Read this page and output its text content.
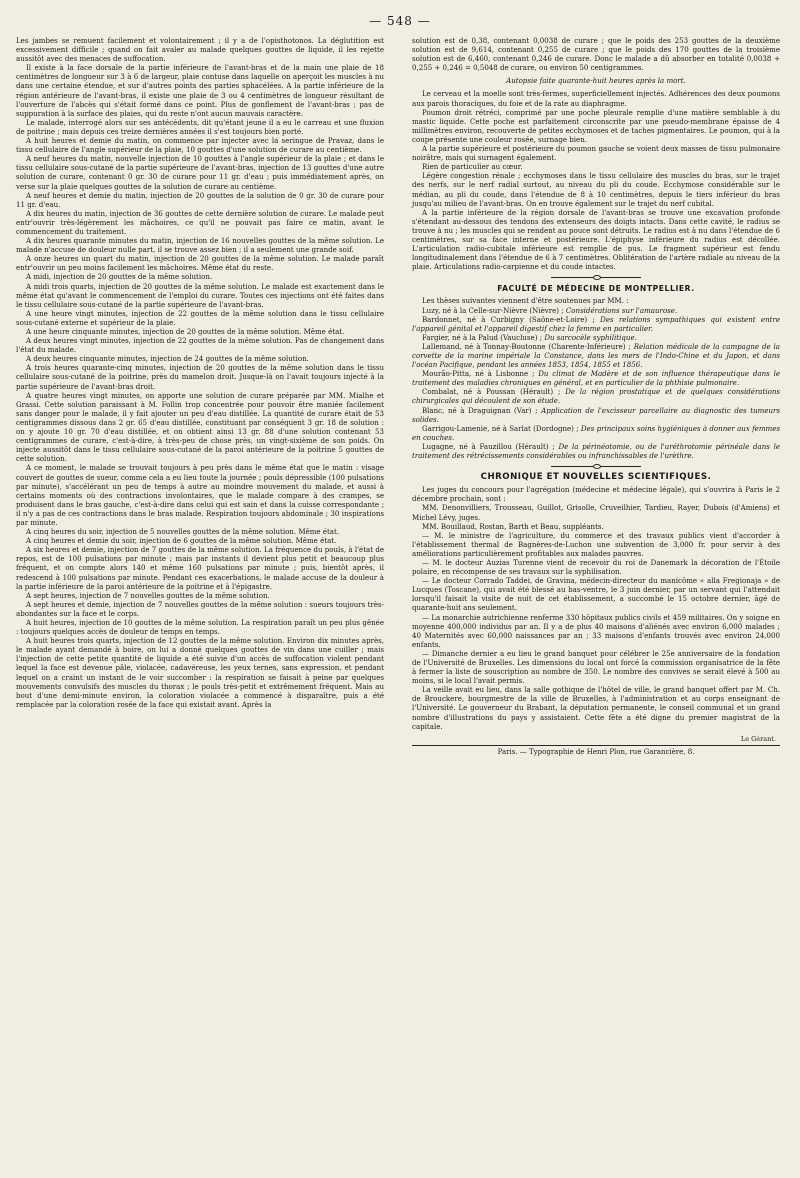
— 548 —

Les jambes se remuent facilement et volontairement ; il y a de l'opisthotonos. La déglutition est excessivement difficile ; quand on fait avaler au malade quelques gouttes de liquide, il les rejette aussitôt avec des menaces de suffocation.

Il existe à la face dorsale de la partie inférieure de l'avant-bras et de la main une plaie de 18 centimètres de longueur sur 3 à 6 de largeur, plaie contuse dans laquelle on aperçoit les muscles à nu dans une certaine étendue, et sur d'autres points des parties sphacélées. A la partie inférieure de la région antérieure de l'avant-bras, il existe une plaie de 3 ou 4 centimètres de longueur résultant de l'ouverture de l'abcès qui s'était formé dans ce point. Plus de gonflement de l'avant-bras ; pas de suppuration à la surface des plaies, qui du reste n'ont aucun mauvais caractère.

Le malade, interrogé alors sur ses antécédents, dit qu'étant jeune il a eu le carreau et une fluxion de poitrine ; mais depuis ces treize dernières années il s'est toujours bien porté.

A huit heures et demie du matin, on commence par injecter avec la seringue de Pravaz, dans le tissu cellulaire de l'angle supérieur de la plaie, 10 gouttes d'une solution de curare au centième.

A neuf heures du matin, nouvelle injection de 10 gouttes à l'angle supérieur de la plaie ; et dans le tissu cellulaire sous-cutané de la partie supérieure de l'avant-bras, injection de 13 gouttes d'une autre solution de curare, contenant 0 gr. 30 de curare pour 11 gr. d'eau ; puis immédiatement après, on verse sur la plaie quelques gouttes de la solution de curare au centième.

A neuf heures et demie du matin, injection de 20 gouttes de la solution de 0 gr. 30 de curare pour 11 gr. d'eau.

A dix heures du matin, injection de 36 gouttes de cette dernière solution de curare. Le malade peut entr'ouvrir très-légèrement les mâchoires, ce qu'il ne pouvait pas faire ce matin, avant le commencement du traitement.

A dix heures quarante minutes du matin, injection de 16 nouvelles gouttes de la même solution. Le malade n'accuse de douleur nulle part, il se trouve assez bien ; il a seulement une grande soif.

A onze heures un quart du matin, injection de 20 gouttes de la même solution. Le malade paraît entr'ouvrir un peu moins facilement les mâchoires. Même état du reste.

A midi, injection de 20 gouttes de la même solution.

A midi trois quarts, injection de 20 gouttes de la même solution. Le malade est exactement dans le même état qu'avant le commencement de l'emploi du curare. Toutes ces injections ont été faites dans le tissu cellulaire sous-cutané de la partie supérieure de l'avant-bras.

A une heure vingt minutes, injection de 22 gouttes de la même solution dans le tissu cellulaire sous-cutané externe et supérieur de la plaie.

A une heure cinquante minutes, injection de 20 gouttes de la même solution. Même état.

A deux heures vingt minutes, injection de 22 gouttes de la même solution. Pas de changement dans l'état du malade.

A deux heures cinquante minutes, injection de 24 gouttes de la même solution.

A trois heures quarante-cinq minutes, injection de 20 gouttes de la même solution dans le tissu cellulaire sous-cutané de la poitrine, près du mamelon droit. Jusque-là on l'avait toujours injecté à la partie supérieure de l'avant-bras droit.

A quatre heures vingt minutes, on apporte une solution de curare préparée par MM. Mialhe et Grassi. Cette solution paraissant à M. Follin trop concentrée pour pouvoir être maniée facilement sans danger pour le malade, il y fait ajouter un peu d'eau distillée. La quantité de curare était de 53 centigrammes dissous dans 2 gr. 65 d'eau distillée, constituant par conséquent 3 gr. 18 de solution : on y ajoute 10 gr. 70 d'eau distillée, et on obtient ainsi 13 gr. 88 d'une solution contenant 53 centigrammes de curare, c'est-à-dire, à très-peu de chose près, un vingt-sixième de son poids. On injecte aussitôt dans le tissu cellulaire sous-cutané de la paroi antérieure de la poitrine 5 gouttes de cette solution.

A ce moment, le malade se trouvait toujours à peu près dans le même état que le matin : visage couvert de gouttes de sueur, comme cela a eu lieu toute la journée ; pouls dépressible (100 pulsations par minute), s'accélérant un peu de temps à autre au moindre mouvement du malade, et aussi à certains moments où des contractions involontaires, que le malade compare à des crampes, se produisent dans le bras gauche, c'est-à-dire dans celui qui est sain et dans la cuisse correspondante ; il n'y a pas de ces contractions dans le bras malade. Respiration toujours abdominale ; 30 inspirations par minute.

A cinq heures du soir, injection de 5 nouvelles gouttes de la même solution. Même état.

A cinq heures et demie du soir, injection de 6 gouttes de la même solution. Même état.

A six heures et demie, injection de 7 gouttes de la même solution. La fréquence du pouls, à l'état de repos, est de 100 pulsations par minute ; mais par instants il devient plus petit et beaucoup plus fréquent, et on compte alors 140 et même 160 pulsations par minute ; puis, bientôt après, il redescend à 100 pulsations par minute. Pendant ces exacerbations, le malade accuse de la douleur à la partie inférieure de la paroi antérieure de la poitrine et à l'épigastre.

A sept heures, injection de 7 nouvelles gouttes de la même solution.

A sept heures et demie, injection de 7 nouvelles gouttes de la même solution : sueurs toujours très-abondantes sur la face et le corps.

A huit heures, injection de 10 gouttes de la même solution. La respiration paraît un peu plus gênée : toujours quelques accès de douleur de temps en temps.

A huit heures trois quarts, injection de 12 gouttes de la même solution. Environ dix minutes après, le malade ayant demandé à boire, on lui a donné quelques gouttes de vin dans une cuiller ; mais l'injection de cette petite quantité de liquide a été suivie d'un accès de suffocation violent pendant lequel la face est devenue pâle, violacée, cadavéreuse, les yeux ternes, sans expression, et pendant lequel on a craint un instant de le voir succomber : la respiration se faisait à peine par quelques mouvements convulsifs des muscles du thorax ; le pouls très-petit et extrêmement fréquent. Mais au bout d'une demi-minute environ, la coloration violacée a commencé à disparaître, puis a été remplacée par la coloration rosée de la face qui existait avant. Après la

solution est de 0,38, contenant 0,0038 de curare ; que le poids des 253 gouttes de la deuxième solution est de 9,614, contenant 0,255 de curare ; que le poids des 170 gouttes de la troisième solution est de 6,460, contenant 0,246 de curare. Donc le malade a dû absorber en totalité 0,0038 + 0,255 + 0,246 = 0,5048 de curare, ou environ 50 centigrammes.

Autopsie faite quarante-huit heures après la mort.

Le cerveau et la moelle sont très-fermes, superficiellement injectés. Adhérences des deux poumons aux parois thoraciques, du foie et de la rate au diaphragme.

Poumon droit rétréci, comprimé par une poche pleurale remplie d'une matière semblable à du mastic liquide. Cette poche est parfaitement circonscrite par une pseudo-membrane épaisse de 4 millimètres environ, recouverte de petites ecchymoses et de taches pigmentaires. Le poumon, qui à la coupe présente une couleur rosée, surnage bien.

A la partie supérieure et postérieure du poumon gauche se voient deux masses de tissu pulmonaire noirâtre, mais qui surnagent également.

Rien de particulier au cœur.

Légère congestion rénale ; ecchymoses dans le tissu cellulaire des muscles du bras, sur le trajet des nerfs, sur le nerf radial surtout, au niveau du pli du coude. Ecchymose considérable sur le médian, au pli du coude, dans l'étendue de 8 à 10 centimètres, depuis le tiers inférieur du bras jusqu'au milieu de l'avant-bras. On en trouve également sur le trajet du nerf cubital.

A la partie inférieure de la région dorsale de l'avant-bras se trouve une excavation profonde s'étendant au-dessous des tendons des extenseurs des doigts intacts. Dans cette cavité, le radius se trouve à nu ; les muscles qui se rendent au pouce sont détruits. Le radius est à nu dans l'étendue de 6 centimètres, sur sa face interne et postérieure. L'épiphyse inférieure du radius est décollée. L'articulation radio-cubitale inférieure est remplie de pus. Le fragment supérieur est fendu longitudinalement dans l'étendue de 6 à 7 centimètres. Oblitération de l'artère radiale au niveau de la plaie. Articulations radio-carpienne et du coude intactes.

FACULTÉ DE MÉDECINE DE MONTPELLIER.

Les thèses suivantes viennent d'être soutenues par MM. :

Luzy, né à la Celle-sur-Nièvre (Nièvre) ; Considérations sur l'amaurose.

Bardonnet, né à Curbigny (Saône-et-Loire) ; Des relations sympathiques qui existent entre l'appareil génital et l'appareil digestif chez la femme en particulier.

Fargier, né à la Palud (Vaucluse) ; Du sarcocèle syphilitique.

Lallemand, né à Tonnay-Boutonne (Charente-Inférieure) ; Relation médicale de la campagne de la corvette de la marine impériale la Constance, dans les mers de l'Indo-Chine et du Japon, et dans l'océan Pacifique, pendant les années 1853, 1854, 1855 et 1856.

Mourão-Pitta, né à Lisbonne ; Du climat de Madère et de son influence thérapeutique dans le traitement des maladies chroniques en général, et en particulier de la phthisie pulmonaire.

Combalat, né à Poussan (Hérault) ; De la région prostatique et de quelques considérations chirurgicales qui découlent de son étude.

Blanc, né à Draguignan (Var) ; Application de l'excisseur parcellaire au diagnostic des tumeurs solides.

Garrigou-Lamenie, né à Sarlat (Dordogne) ; Des principaux soins hygiéniques à donner aux femmes en couches.

Lugagne, né à Fauzillou (Hérault) ; De la périnéotomie, ou de l'uréthrotomie périnéale dans le traitement des rétrécissements considérables ou infranchissables de l'urèthre.

CHRONIQUE ET NOUVELLES SCIENTIFIQUES.

Les juges du concours pour l'agrégation (médecine et médecine légale), qui s'ouvrira à Paris le 2 décembre prochain, sont :

MM. Denonvilliers, Trousseau, Guillot, Grisolle, Cruveilhier, Tardieu, Rayer, Dubois (d'Amiens) et Michel Lévy, juges.

MM. Bouillaud, Rostan, Barth et Beau, suppléants.

— M. le ministre de l'agriculture, du commerce et des travaux publics vient d'accorder à l'établissement thermal de Bagnères-de-Luchon une subvention de 3,000 fr. pour servir à des améliorations particulièrement profitables aux malades pauvres.

— M. le docteur Auzias Turenne vient de recevoir du roi de Danemark la décoration de l'Étoile polaire, en récompense de ses travaux sur la syphilisation.

— Le docteur Corrado Taddei, de Gravina, médecin-directeur du manicôme « alla Fregionaja » de Lucques (Toscane), qui avait été blessé au bas-ventre, le 3 juin dernier, par un servant qui l'attendait lorsqu'il faisait la visite de nuit de cet établissement, a succombé le 15 octobre dernier, âgé de quarante-huit ans seulement.

— La monarchie autrichienne renferme 330 hôpitaux publics civils et 459 militaires. On y soigne en moyenne 400,000 individus par an. Il y a de plus 40 maisons d'aliénés avec environ 6,000 malades ; 40 Maternités avec 60,000 naissances par an ; 33 maisons d'enfants trouvés avec environ 24,000 enfants.

— Dimanche dernier a eu lieu le grand banquet pour célébrer le 25e anniversaire de la fondation de l'Université de Bruxelles. Les dimensions du local ont forcé la commission organisatrice de la fête à fermer la liste de souscription au nombre de 350. Le nombre des convives se serait élevé à 500 au moins, si le local l'avait permis.

La veille avait eu lieu, dans la salle gothique de l'hôtel de ville, le grand banquet offert par M. Ch. de Brouckere, bourgmestre de la ville de Bruxelles, à l'administration et au corps enseignant de l'Université. Le gouverneur du Brabant, la députation permanente, le conseil communal et un grand nombre d'illustrations du pays y assistaient. Cette fête a été digne du premier magistrat de la capitale.

Le Gérant.
Paris. — Typographie de Henri Plon, rue Garancière, 8.
